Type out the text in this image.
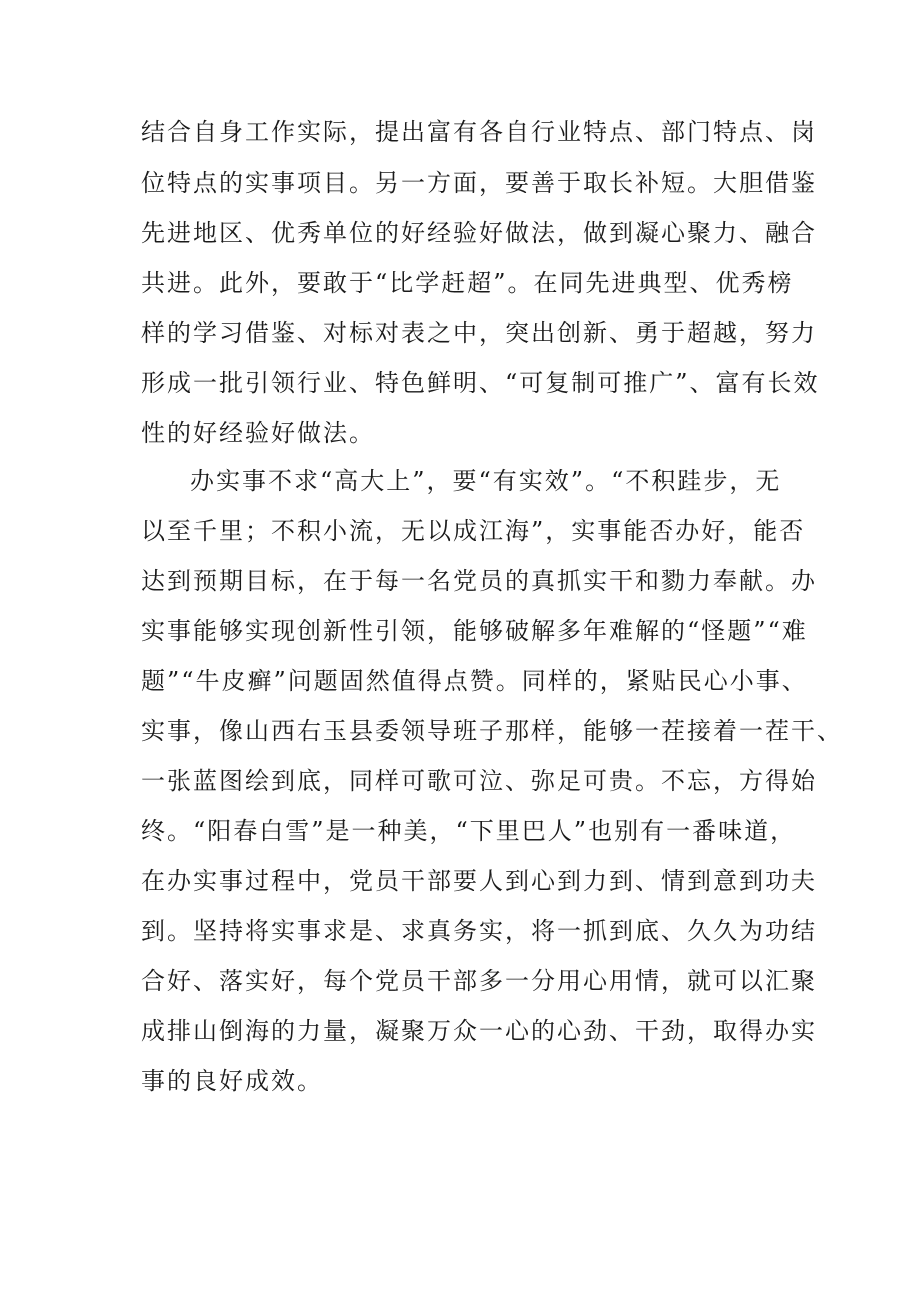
结合自身工作实际，提出富有各自行业特点、部门特点、岗
位特点的实事项目。另一方面，要善于取长补短。大胆借鉴
先进地区、优秀单位的好经验好做法，做到凝心聚力、融合
共进。此外，要敢于“比学赶超”。在同先进典型、优秀榜
样的学习借鉴、对标对表之中，突出创新、勇于超越，努力
形成一批引领行业、特色鲜明、“可复制可推广”、富有长效
性的好经验好做法。
办实事不求“高大上”，要“有实效”。“不积跬步，无
以至千里；不积小流，无以成江海”，实事能否办好，能否
达到预期目标，在于每一名党员的真抓实干和勠力奉献。办
实事能够实现创新性引领，能够破解多年难解的“怪题”“难
题”“牛皮癣”问题固然值得点赞。同样的，紧贴民心小事、
实事，像山西右玉县委领导班子那样，能够一茬接着一茬干、
一张蓝图绘到底，同样可歌可泣、弥足可贵。不忘，方得始
终。“阳春白雪”是一种美，“下里巴人”也别有一番味道，
在办实事过程中，党员干部要人到心到力到、情到意到功夫
到。坚持将实事求是、求真务实，将一抓到底、久久为功结
合好、落实好，每个党员干部多一分用心用情，就可以汇聚
成排山倒海的力量，凝聚万众一心的心劲、干劲，取得办实
事的良好成效。
